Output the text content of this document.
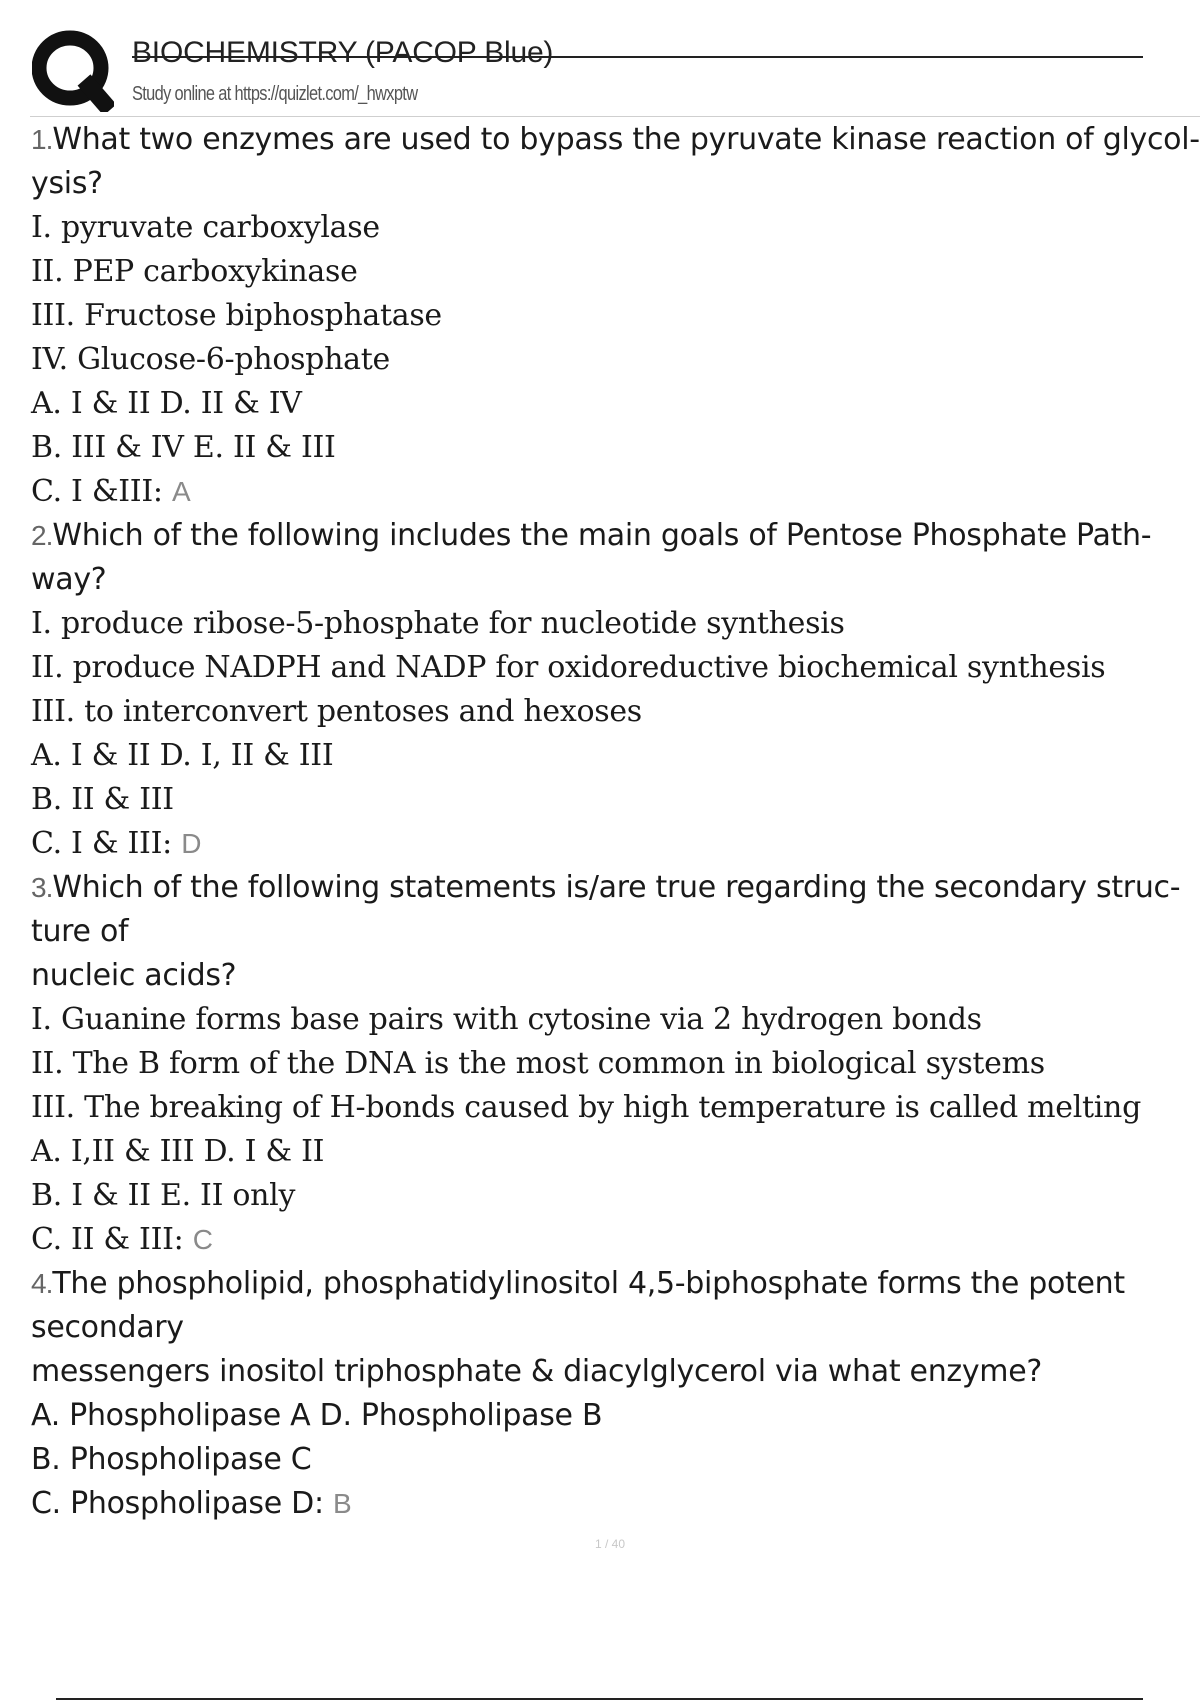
BIOCHEMISTRY (PACOP Blue)
Study online at https://quizlet.com/_hwxptw
1.What two enzymes are used to bypass the pyruvate kinase reaction of glycol-
ysis?
I. pyruvate carboxylase
II. PEP carboxykinase
III. Fructose biphosphatase
IV. Glucose-6-phosphate
A. I & II D. II & IV
B. III & IV E. II & III
C. I &III: A
2.Which of the following includes the main goals of Pentose Phosphate Path-
way?
I. produce ribose-5-phosphate for nucleotide synthesis
II. produce NADPH and NADP for oxidoreductive biochemical synthesis
III. to interconvert pentoses and hexoses
A. I & II D. I, II & III
B. II & III
C. I & III: D
3.Which of the following statements is/are true regarding the secondary struc-
ture of
nucleic acids?
I. Guanine forms base pairs with cytosine via 2 hydrogen bonds
II. The B form of the DNA is the most common in biological systems
III. The breaking of H-bonds caused by high temperature is called melting
A. I,II & III D. I & II
B. I & II E. II only
C. II & III: C
4.The phospholipid, phosphatidylinositol 4,5-biphosphate forms the potent
secondary
messengers inositol triphosphate & diacylglycerol via what enzyme?
A. Phospholipase A D. Phospholipase B
B. Phospholipase C
C. Phospholipase D: B
1 / 40
